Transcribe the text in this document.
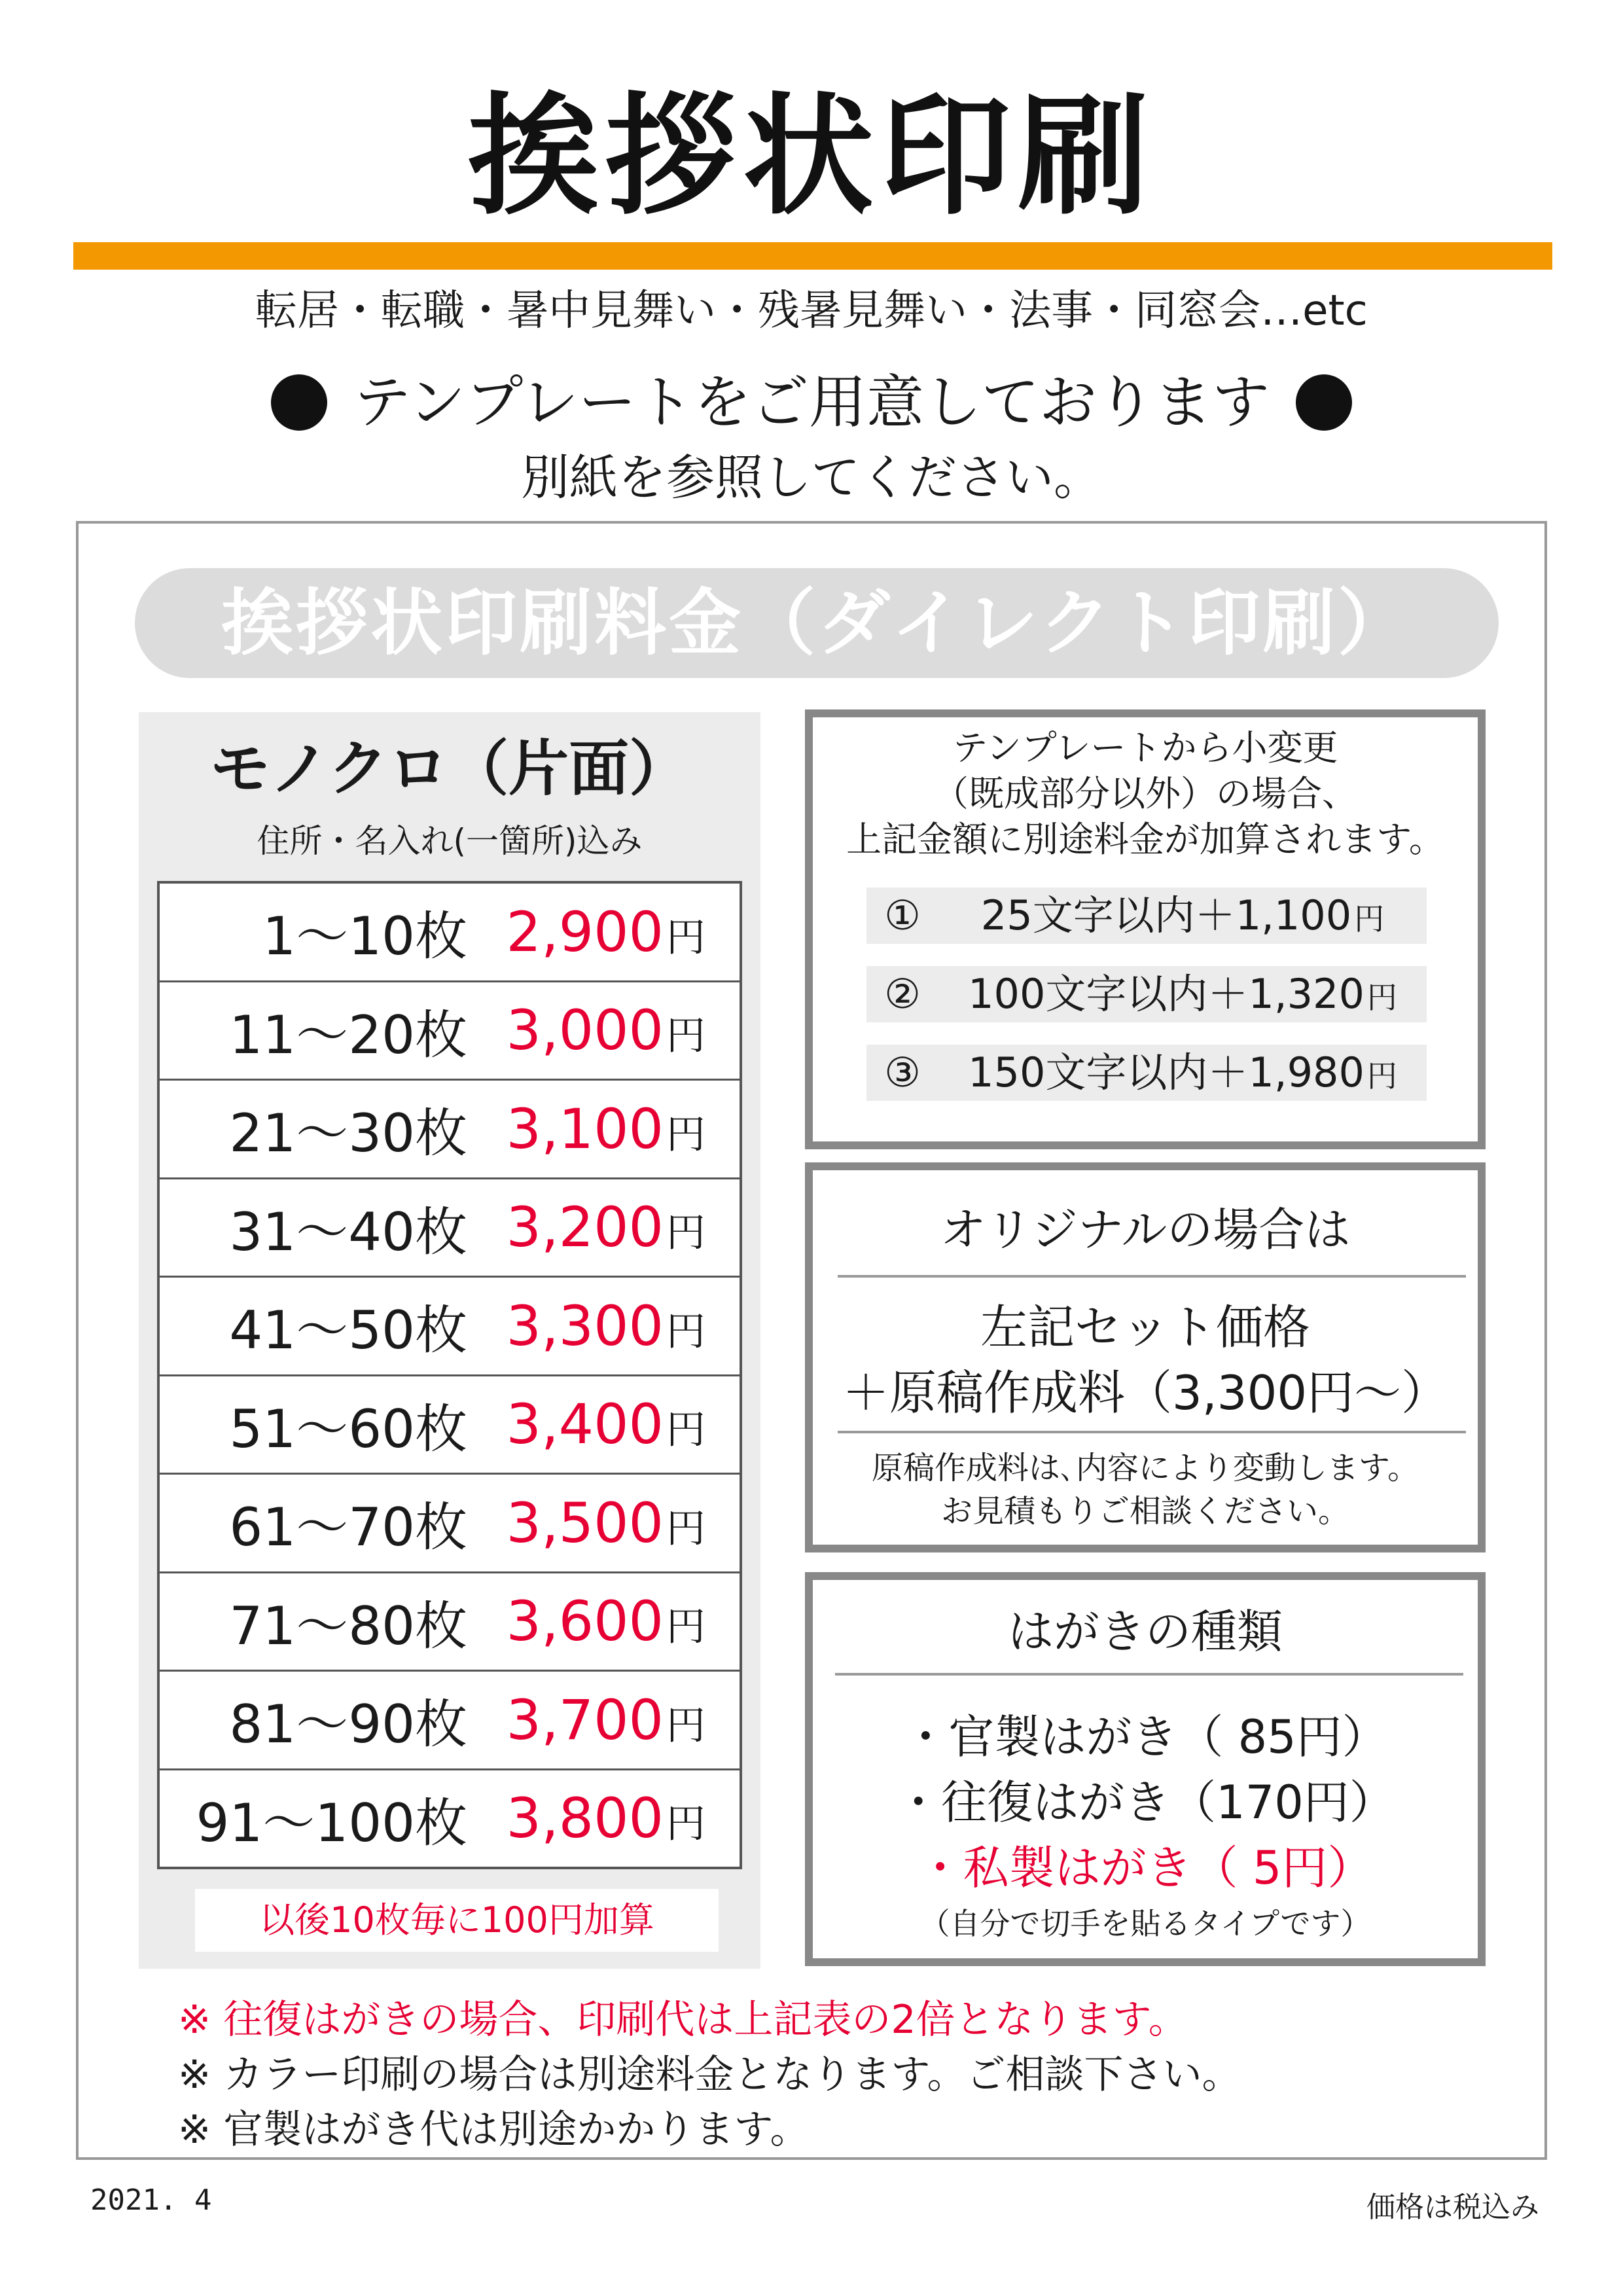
挨拶状印刷
転居・転職・暑中見舞い・残暑見舞い・法事・同窓会…etc
テンプレートをご用意しております
別紙を参照してください。
挨拶状印刷料金（ダイレクト印刷）
モノクロ（片面）
住所・名入れ(一箇所)込み
1〜10枚 2,900円
11〜20枚 3,000円
21〜30枚 3,100円
31〜40枚 3,200円
41〜50枚 3,300円
51〜60枚 3,400円
61〜70枚 3,500円
71〜80枚 3,600円
81〜90枚 3,700円
91〜100枚 3,800円
以後10枚毎に100円加算
テンプレートから小変更
（既成部分以外）の場合、
上記金額に別途料金が加算されます。
①	25文字以内＋1,100円
②	100文字以内＋1,320円
③	150文字以内＋1,980円
オリジナルの場合は
左記セット価格
＋原稿作成料（3,300円〜）
原稿作成料は､内容により変動します。
お見積もりご相談ください。
はがきの種類
・官製はがき（ 85円）
・往復はがき（170円）
・私製はがき（ 5円）
（自分で切手を貼るタイプです）
※ 往復はがきの場合、印刷代は上記表の2倍となります。
※ カラー印刷の場合は別途料金となります。ご相談下さい。
※ 官製はがき代は別途かかります。
2021. 4	価格は税込み
